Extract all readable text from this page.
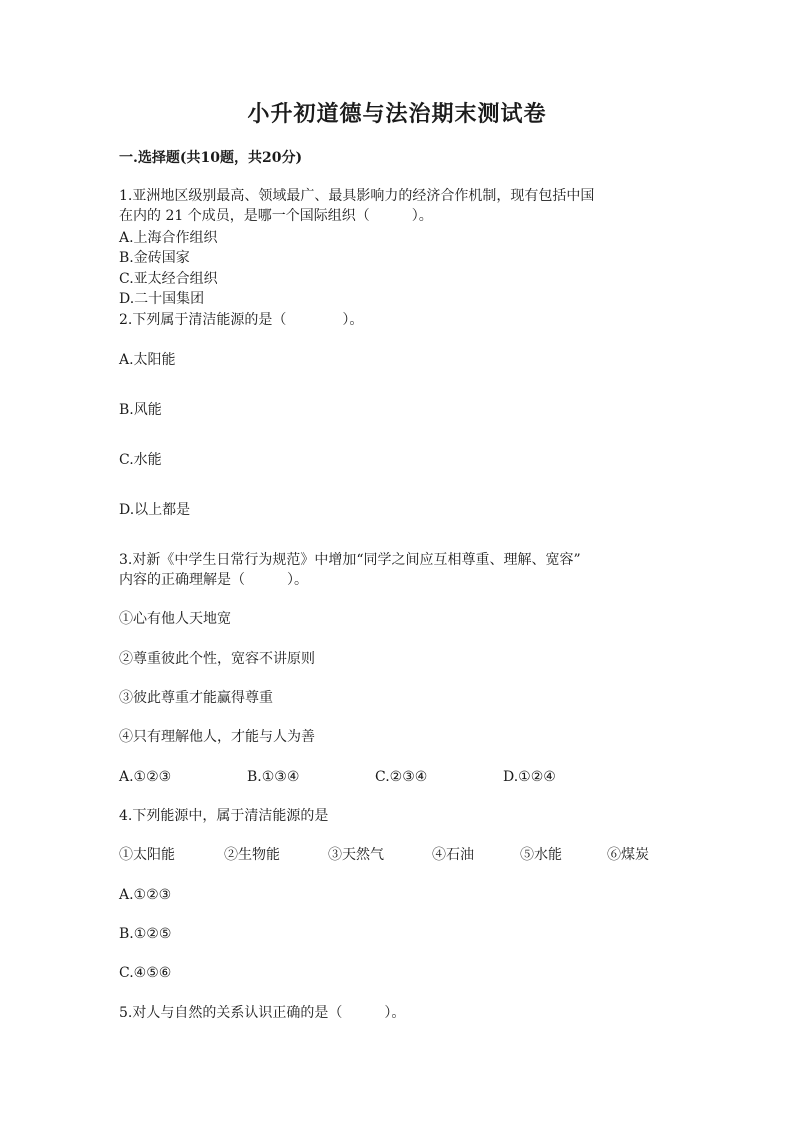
小升初道德与法治期末测试卷
一.选择题(共10题，共20分)
1.亚洲地区级别最高、领域最广、最具影响力的经济合作机制，现有包括中国
在内的 21 个成员，是哪一个国际组织（　　　）。
A.上海合作组织
B.金砖国家
C.亚太经合组织
D.二十国集团
2.下列属于清洁能源的是（　　　　）。
A.太阳能
B.风能
C.水能
D.以上都是
3.对新《中学生日常行为规范》中增加“同学之间应互相尊重、理解、宽容”
内容的正确理解是（　　　）。
①心有他人天地宽
②尊重彼此个性，宽容不讲原则
③彼此尊重才能赢得尊重
④只有理解他人，才能与人为善
A.①②③	B.①③④	C.②③④	D.①②④
4.下列能源中，属于清洁能源的是
①太阳能	②生物能	③天然气	④石油	⑤水能	⑥煤炭
A.①②③
B.①②⑤
C.④⑤⑥
5.对人与自然的关系认识正确的是（　　　）。
